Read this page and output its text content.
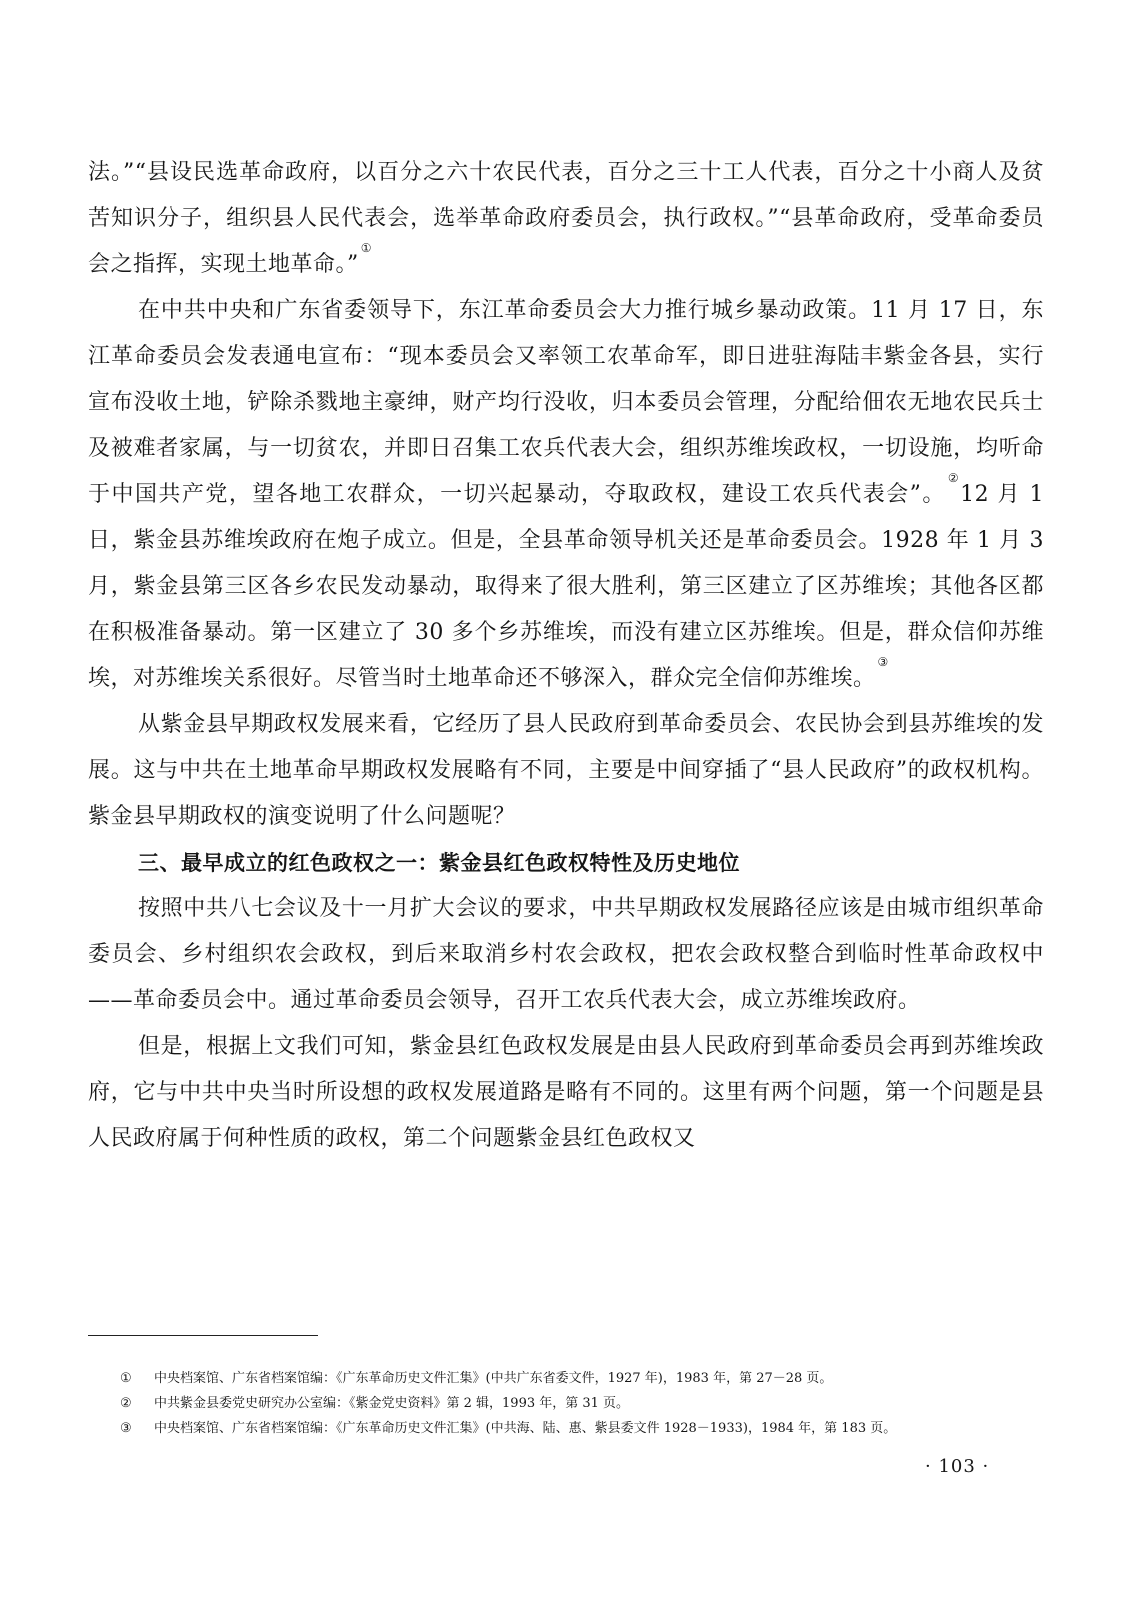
法。”“县设民选革命政府，以百分之六十农民代表，百分之三十工人代表，百分之十小商人及贫苦知识分子，组织县人民代表会，选举革命政府委员会，执行政权。”“县革命政府，受革命委员会之指挥，实现土地革命。”①

在中共中央和广东省委领导下，东江革命委员会大力推行城乡暴动政策。11 月 17 日，东江革命委员会发表通电宣布：“现本委员会又率领工农革命军，即日进驻海陆丰紫金各县，实行宣布没收土地，铲除杀戮地主豪绅，财产均行没收，归本委员会管理，分配给佃农无地农民兵士及被难者家属，与一切贫农，并即日召集工农兵代表大会，组织苏维埃政权，一切设施，均听命于中国共产党，望各地工农群众，一切兴起暴动，夺取政权，建设工农兵代表会”。②12 月 1 日，紫金县苏维埃政府在炮子成立。但是，全县革命领导机关还是革命委员会。1928 年 1 月 3 月，紫金县第三区各乡农民发动暴动，取得来了很大胜利，第三区建立了区苏维埃；其他各区都在积极准备暴动。第一区建立了 30 多个乡苏维埃，而没有建立区苏维埃。但是，群众信仰苏维埃，对苏维埃关系很好。尽管当时土地革命还不够深入，群众完全信仰苏维埃。③

从紫金县早期政权发展来看，它经历了县人民政府到革命委员会、农民协会到县苏维埃的发展。这与中共在土地革命早期政权发展略有不同，主要是中间穿插了“县人民政府”的政权机构。紫金县早期政权的演变说明了什么问题呢？

三、最早成立的红色政权之一：紫金县红色政权特性及历史地位

按照中共八七会议及十一月扩大会议的要求，中共早期政权发展路径应该是由城市组织革命委员会、乡村组织农会政权，到后来取消乡村农会政权，把农会政权整合到临时性革命政权中——革命委员会中。通过革命委员会领导，召开工农兵代表大会，成立苏维埃政府。

但是，根据上文我们可知，紫金县红色政权发展是由县人民政府到革命委员会再到苏维埃政府，它与中共中央当时所设想的政权发展道路是略有不同的。这里有两个问题，第一个问题是县人民政府属于何种性质的政权，第二个问题紫金县红色政权又

① 中央档案馆、广东省档案馆编：《广东革命历史文件汇集》(中共广东省委文件，1927 年)，1983 年，第 27－28 页。

② 中共紫金县委党史研究办公室编：《紫金党史资料》第 2 辑，1993 年，第 31 页。

③ 中央档案馆、广东省档案馆编：《广东革命历史文件汇集》(中共海、陆、惠、紫县委文件 1928－1933)，1984 年，第 183 页。

· 103 ·
